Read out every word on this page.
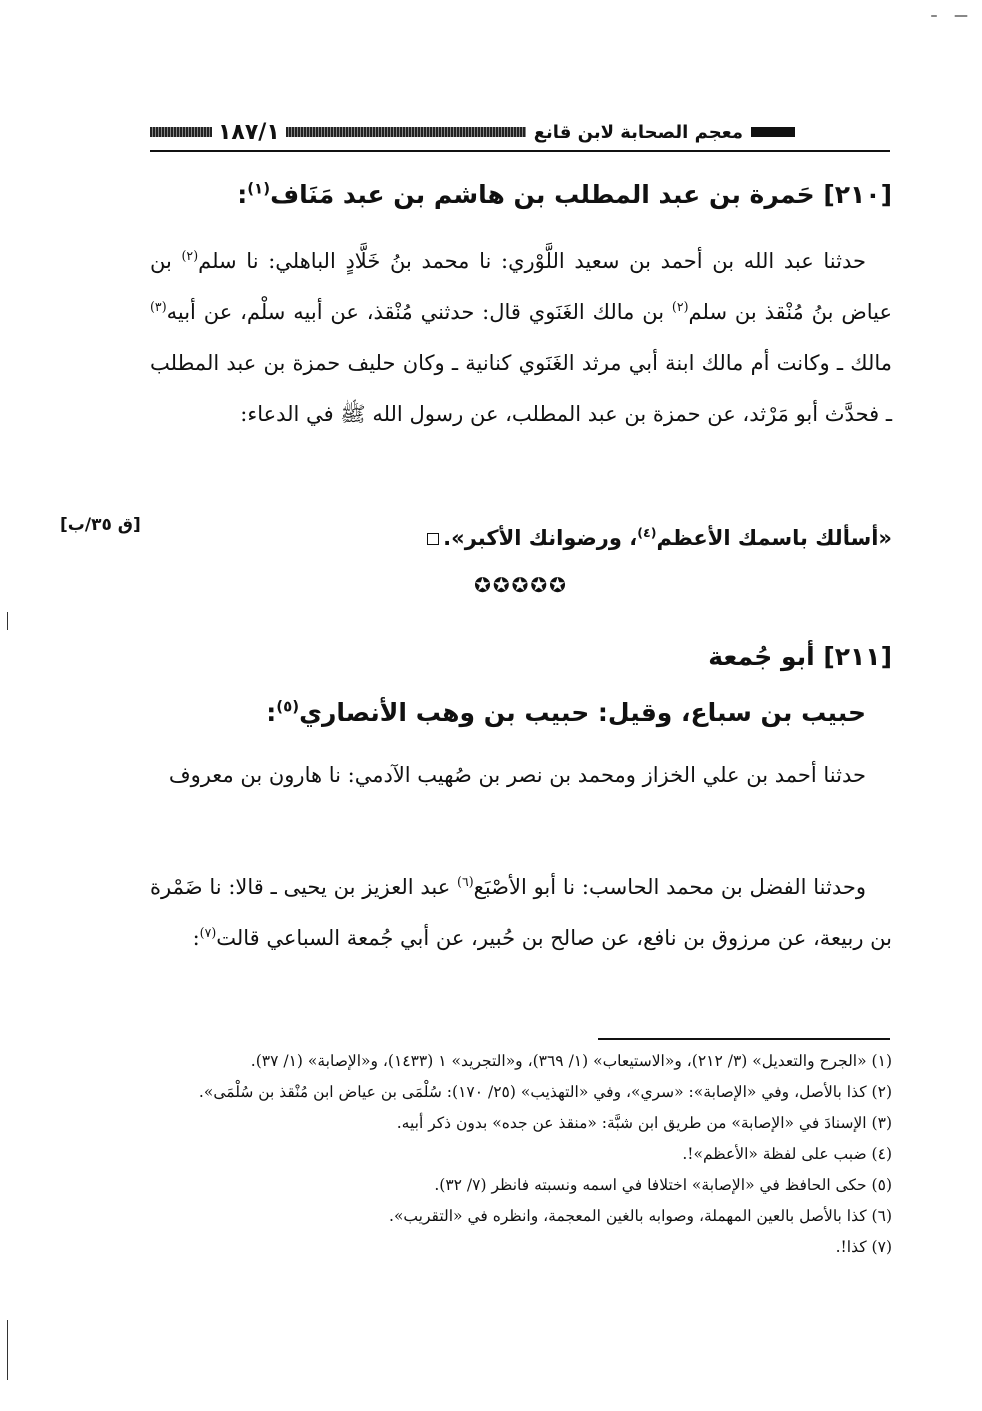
– —
١٨٧/١	معجم الصحابة لابن قانع
[٢١٠] حَمرة بن عبد المطلب بن هاشم بن عبد مَنَاف$^{(١)}$:
حدثنا عبد الله بن أحمد بن سعيد اللَّوْري: نا محمد بنُ خَلَّادٍ الباهلي: نا سلم$^{(٢)}$ بن عياض بنُ مُنْقذ بن سلم$^{(٢)}$ بن مالك الغَنَوي قال: حدثني مُنْقذ، عن أبيه سلْم، عن أبيه$^{(٣)}$ مالك ـ وكانت أم مالك ابنة أبي مرثد الغَنَوي كنانية ـ وكان حليف حمزة بن عبد المطلب ـ فحدَّث أبو مَرْثد، عن حمزة بن عبد المطلب، عن رسول الله ﷺ في الدعاء:
«أسألك باسمك الأعظم$^{(٤)}$، ورضوانك الأكبر».
[ق ٣٥/ب]
✪✪✪✪✪
[٢١١] أبو جُمعة
حبيب بن سباع، وقيل: حبيب بن وهب الأنصاري$^{(٥)}$:
حدثنا أحمد بن علي الخزاز ومحمد بن نصر بن صُهيب الآدمي: نا هارون بن معروف
وحدثنا الفضل بن محمد الحاسب: نا أبو الأصْبَع$^{(٦)}$ عبد العزيز بن يحيى ـ قالا: نا ضَمْرة بن ربيعة، عن مرزوق بن نافع، عن صالح بن حُبير، عن أبي جُمعة السباعي قالت$^{(٧)}$:

(١) «الجرح والتعديل» (٣/ ٢١٢)، و«الاستيعاب» (١/ ٣٦٩)، و«التجريد» ١ (١٤٣٣)، و«الإصابة» (١/ ٣٧).

(٢) كذا بالأصل، وفي «الإصابة»: «سري»، وفي «التهذيب» (٢٥/ ١٧٠): سُلْمَى بن عياض ابن مُنْقذ بن سُلْمَى».

(٣) الإسنادَ في «الإصابة» من طريق ابن شبَّة: «منقذ عن جده» بدون ذكر أبيه.

(٤) ضبب على لفظة «الأعظم»!.

(٥) حكى الحافظ في «الإصابة» اختلافا في اسمه ونسبته فانظر (٧/ ٣٢).

(٦) كذا بالأصل بالعين المهملة، وصوابه بالغين المعجمة، وانظره في «التقريب».

(٧) كذا!.
